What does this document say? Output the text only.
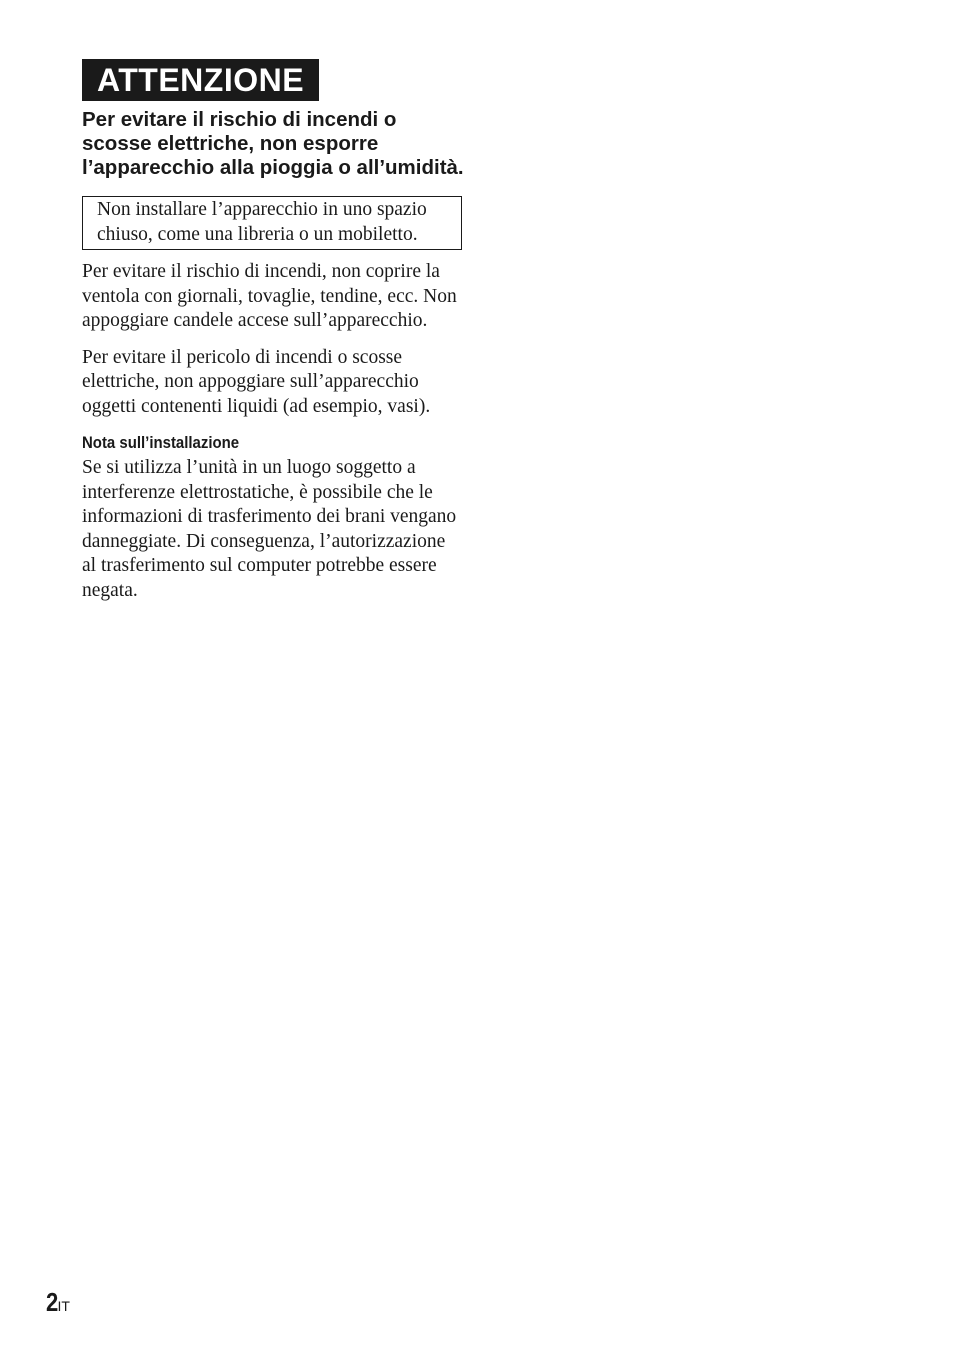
ATTENZIONE
Per evitare il rischio di incendi o scosse elettriche, non esporre l’apparecchio alla pioggia o all’umidità.
Non installare l’apparecchio in uno spazio chiuso, come una libreria o un mobiletto.
Per evitare il rischio di incendi, non coprire la ventola con giornali, tovaglie, tendine, ecc. Non appoggiare candele accese sull’apparecchio.
Per evitare il pericolo di incendi o scosse elettriche, non appoggiare sull’apparecchio oggetti contenenti liquidi (ad esempio, vasi).
Nota sull’installazione
Se si utilizza l’unità in un luogo soggetto a interferenze elettrostatiche, è possibile che le informazioni di trasferimento dei brani vengano danneggiate. Di conseguenza, l’autorizzazione al trasferimento sul computer potrebbe essere negata.
2IT
